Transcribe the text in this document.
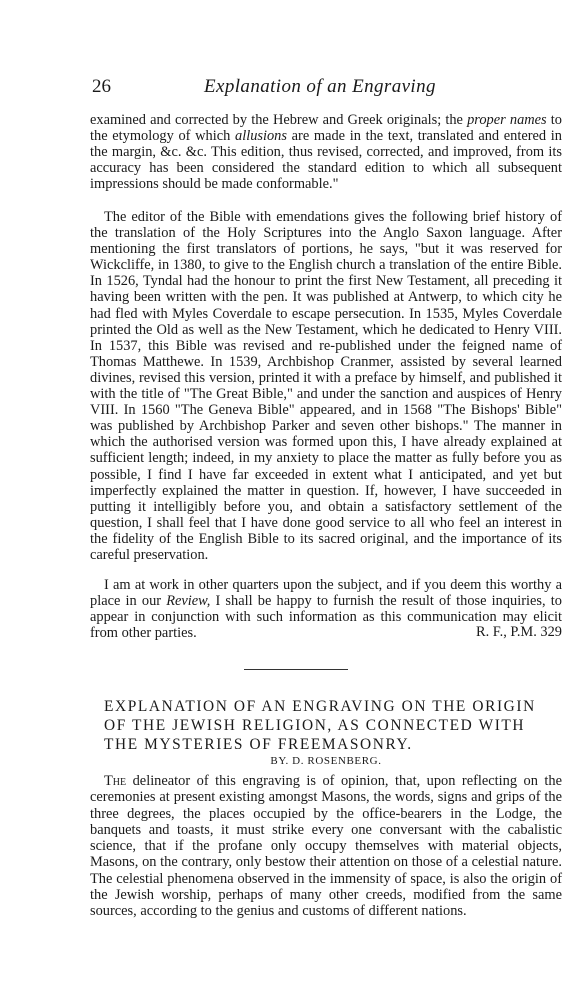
26	Explanation of an Engraving

examined and corrected by the Hebrew and Greek originals; the proper names to the etymology of which allusions are made in the text, translated and entered in the margin, &c. &c. This edition, thus revised, corrected, and improved, from its accuracy has been considered the standard edition to which all subsequent impressions should be made conformable."

The editor of the Bible with emendations gives the following brief history of the translation of the Holy Scriptures into the Anglo Saxon language. After mentioning the first translators of portions, he says, "but it was reserved for Wickcliffe, in 1380, to give to the English church a translation of the entire Bible. In 1526, Tyndal had the honour to print the first New Testament, all preceding it having been written with the pen. It was published at Antwerp, to which city he had fled with Myles Coverdale to escape persecution. In 1535, Myles Coverdale printed the Old as well as the New Testament, which he dedicated to Henry VIII. In 1537, this Bible was revised and re-published under the feigned name of Thomas Matthewe. In 1539, Archbishop Cranmer, assisted by several learned divines, revised this version, printed it with a preface by himself, and published it with the title of "The Great Bible," and under the sanction and auspices of Henry VIII. In 1560 "The Geneva Bible" appeared, and in 1568 "The Bishops' Bible" was published by Archbishop Parker and seven other bishops." The manner in which the authorised version was formed upon this, I have already explained at sufficient length; indeed, in my anxiety to place the matter as fully before you as possible, I find I have far exceeded in extent what I anticipated, and yet but imperfectly explained the matter in question. If, however, I have succeeded in putting it intelligibly before you, and obtain a satisfactory settlement of the question, I shall feel that I have done good service to all who feel an interest in the fidelity of the English Bible to its sacred original, and the importance of its careful preservation.

I am at work in other quarters upon the subject, and if you deem this worthy a place in our Review, I shall be happy to furnish the result of those inquiries, to appear in conjunction with such information as this communication may elicit from other parties.	R. F., P.M. 329
EXPLANATION OF AN ENGRAVING ON THE ORIGIN OF THE JEWISH RELIGION, AS CONNECTED WITH THE MYSTERIES OF FREEMASONRY.
BY. D. ROSENBERG.

The delineator of this engraving is of opinion, that, upon reflecting on the ceremonies at present existing amongst Masons, the words, signs and grips of the three degrees, the places occupied by the office-bearers in the Lodge, the banquets and toasts, it must strike every one conversant with the cabalistic science, that if the profane only occupy themselves with material objects, Masons, on the contrary, only bestow their attention on those of a celestial nature. The celestial phenomena observed in the immensity of space, is also the origin of the Jewish worship, perhaps of many other creeds, modified from the same sources, according to the genius and customs of different nations.
